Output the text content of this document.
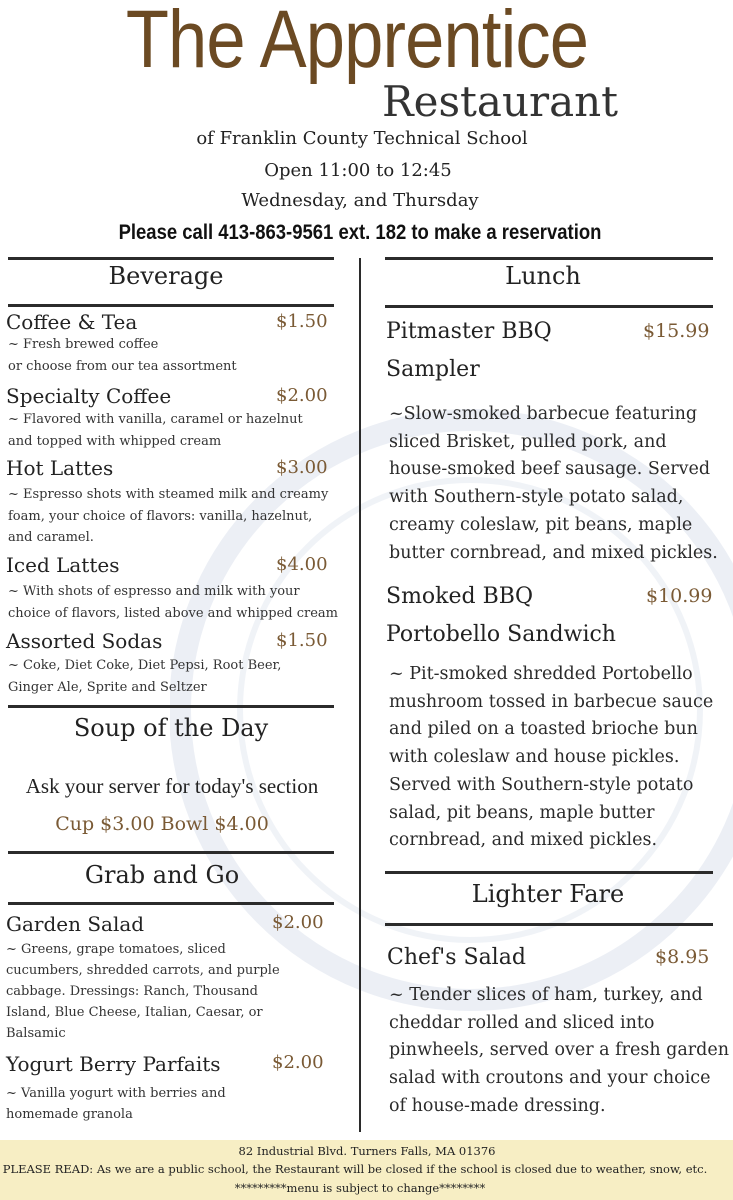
The Apprentice
Restaurant
of Franklin County Technical School
Open 11:00 to 12:45
Wednesday, and Thursday
Please call 413-863-9561 ext. 182 to make a reservation
Beverage
Coffee & Tea	$1.50
~ Fresh brewed coffee
or choose from our tea assortment
Specialty Coffee	$2.00
~ Flavored with vanilla, caramel or hazelnut
and topped with whipped cream
Hot Lattes	$3.00
~ Espresso shots with steamed milk and creamy
foam, your choice of flavors: vanilla, hazelnut,
and caramel.
Iced Lattes	$4.00
~ With shots of espresso and milk with your
choice of flavors, listed above and whipped cream
Assorted Sodas	$1.50
~ Coke, Diet Coke, Diet Pepsi, Root Beer,
Ginger Ale, Sprite and Seltzer
Soup of the Day
Ask your server for today's section
Cup $3.00 Bowl $4.00
Grab and Go
Garden Salad	$2.00
~ Greens, grape tomatoes, sliced
cucumbers, shredded carrots, and purple
cabbage. Dressings: Ranch, Thousand
Island, Blue Cheese, Italian, Caesar, or
Balsamic
Yogurt Berry Parfaits	$2.00
~ Vanilla yogurt with berries and
homemade granola
Lunch
Pitmaster BBQ
Sampler
$15.99
~Slow-smoked barbecue featuring
sliced Brisket, pulled pork, and
house-smoked beef sausage. Served
with Southern-style potato salad,
creamy coleslaw, pit beans, maple
butter cornbread, and mixed pickles.
Smoked BBQ
Portobello Sandwich
$10.99
~ Pit-smoked shredded Portobello
mushroom tossed in barbecue sauce
and piled on a toasted brioche bun
with coleslaw and house pickles.
Served with Southern-style potato
salad, pit beans, maple butter
cornbread, and mixed pickles.
Lighter Fare
Chef's Salad	$8.95
~ Tender slices of ham, turkey, and
cheddar rolled and sliced into
pinwheels, served over a fresh garden
salad with croutons and your choice
of house-made dressing.
82 Industrial Blvd. Turners Falls, MA 01376
PLEASE READ: As we are a public school, the Restaurant will be closed if the school is closed due to weather, snow, etc.
*********menu is subject to change********
